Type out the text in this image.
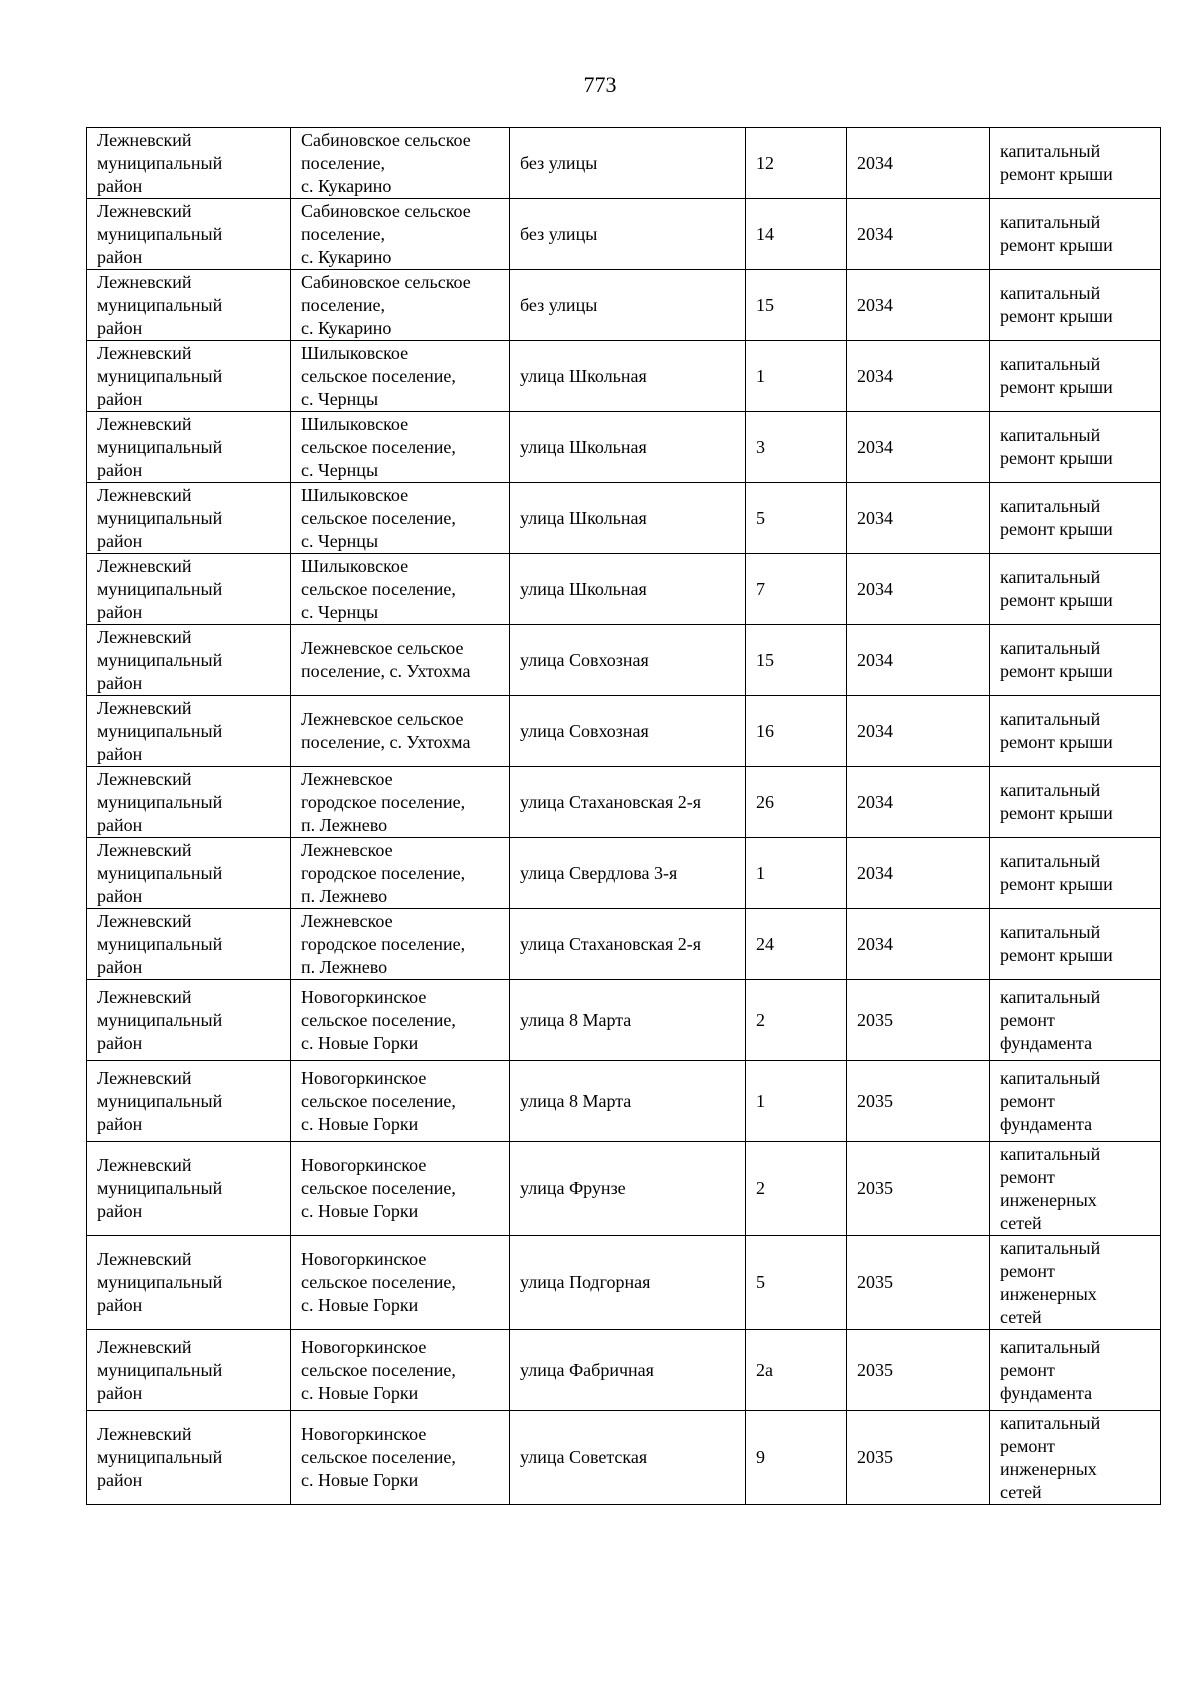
773
Лежневский
муниципальный
район	Сабиновское сельское
поселение,
с. Кукарино	без улицы	12	2034	капитальный
ремонт крыши
Лежневский
муниципальный
район	Сабиновское сельское
поселение,
с. Кукарино	без улицы	14	2034	капитальный
ремонт крыши
Лежневский
муниципальный
район	Сабиновское сельское
поселение,
с. Кукарино	без улицы	15	2034	капитальный
ремонт крыши
Лежневский
муниципальный
район	Шилыковское
сельское поселение,
с. Чернцы	улица Школьная	1	2034	капитальный
ремонт крыши
Лежневский
муниципальный
район	Шилыковское
сельское поселение,
с. Чернцы	улица Школьная	3	2034	капитальный
ремонт крыши
Лежневский
муниципальный
район	Шилыковское
сельское поселение,
с. Чернцы	улица Школьная	5	2034	капитальный
ремонт крыши
Лежневский
муниципальный
район	Шилыковское
сельское поселение,
с. Чернцы	улица Школьная	7	2034	капитальный
ремонт крыши
Лежневский
муниципальный
район	Лежневское сельское
поселение, с. Ухтохма	улица Совхозная	15	2034	капитальный
ремонт крыши
Лежневский
муниципальный
район	Лежневское сельское
поселение, с. Ухтохма	улица Совхозная	16	2034	капитальный
ремонт крыши
Лежневский
муниципальный
район	Лежневское
городское поселение,
п. Лежнево	улица Стахановская 2-я	26	2034	капитальный
ремонт крыши
Лежневский
муниципальный
район	Лежневское
городское поселение,
п. Лежнево	улица Свердлова 3-я	1	2034	капитальный
ремонт крыши
Лежневский
муниципальный
район	Лежневское
городское поселение,
п. Лежнево	улица Стахановская 2-я	24	2034	капитальный
ремонт крыши
Лежневский
муниципальный
район	Новогоркинское
сельское поселение,
с. Новые Горки	улица 8 Марта	2	2035	капитальный
ремонт
фундамента
Лежневский
муниципальный
район	Новогоркинское
сельское поселение,
с. Новые Горки	улица 8 Марта	1	2035	капитальный
ремонт
фундамента
Лежневский
муниципальный
район	Новогоркинское
сельское поселение,
с. Новые Горки	улица Фрунзе	2	2035	капитальный
ремонт
инженерных
сетей
Лежневский
муниципальный
район	Новогоркинское
сельское поселение,
с. Новые Горки	улица Подгорная	5	2035	капитальный
ремонт
инженерных
сетей
Лежневский
муниципальный
район	Новогоркинское
сельское поселение,
с. Новые Горки	улица Фабричная	2а	2035	капитальный
ремонт
фундамента
Лежневский
муниципальный
район	Новогоркинское
сельское поселение,
с. Новые Горки	улица Советская	9	2035	капитальный
ремонт
инженерных
сетей
